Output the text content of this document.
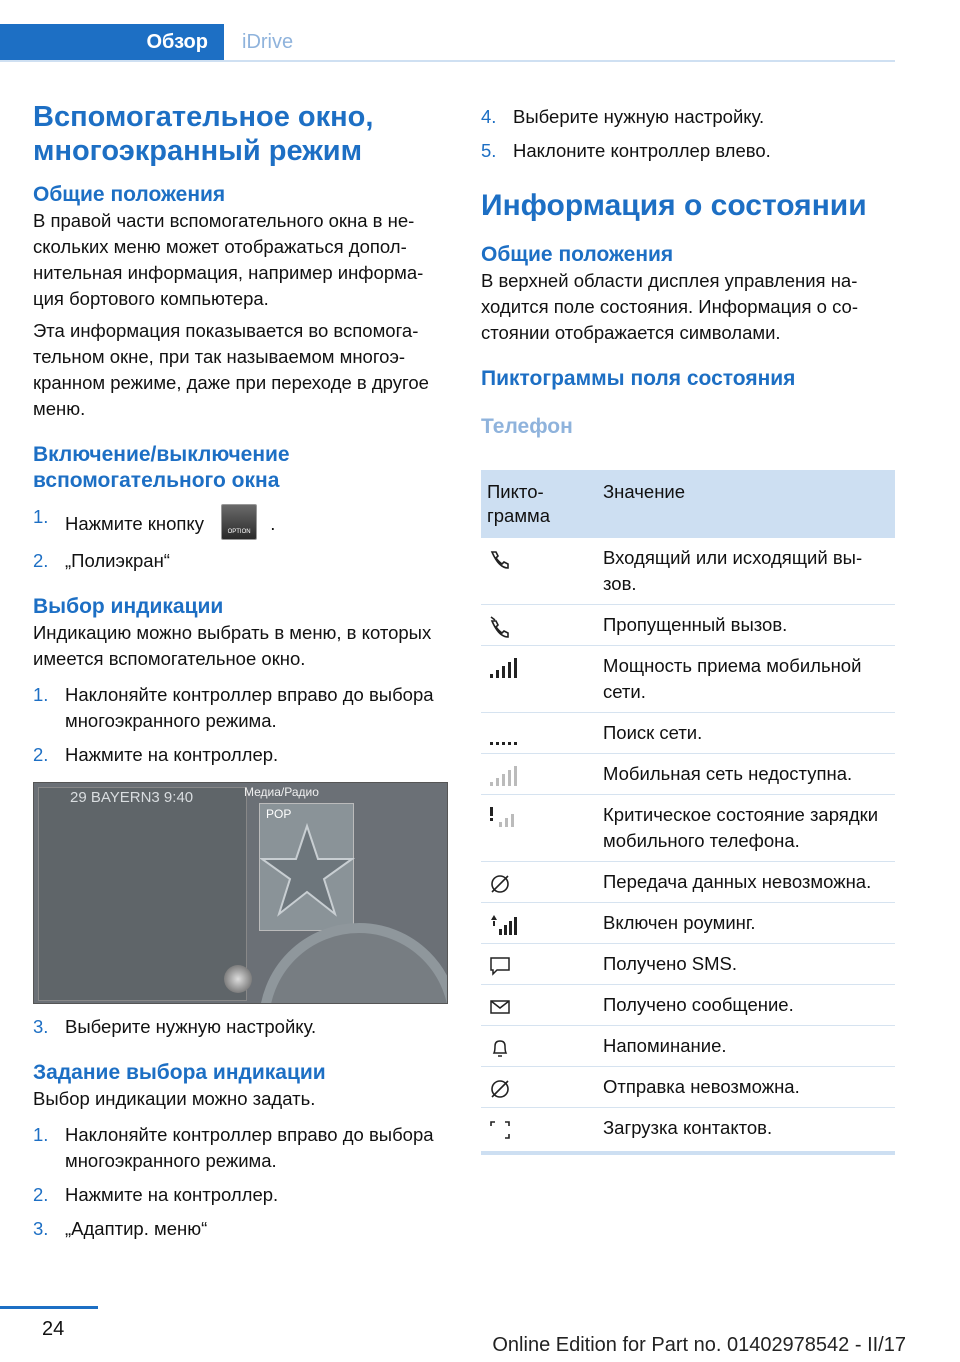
Обзор	iDrive
Вспомогательное окно, многоэкранный режим
Общие положения

В правой части вспомогательного окна в нескольких меню может отображаться дополнительная информация, например информация бортового компьютера.

Эта информация показывается во вспомогательном окне, при так называемом многоэкранном режиме, даже при переходе в другое меню.

Включение/выключение вспомогательного окна
1. Нажмите кнопку	OPTION .
2. „Полиэкран“
Выбор индикации

Индикацию можно выбрать в меню, в которых имеется вспомогательное окно.

1. Наклоняйте контроллер вправо до выбора многоэкранного режима.
2. Нажмите на контроллер.
29 BAYERN3 9:40	Медиа/Радио
POP
3. Выберите нужную настройку.
Задание выбора индикации

Выбор индикации можно задать.

1. Наклоняйте контроллер вправо до выбора многоэкранного режима.
2. Нажмите на контроллер.
3. „Адаптир. меню“
4. Выберите нужную настройку.
5. Наклоните контроллер влево.
Информация о состоянии
Общие положения

В верхней области дисплея управления находится поле состояния. Информация о состоянии отображается символами.

Пиктограммы поля состояния
Телефон
Пиктограмма	Значение

	Входящий или исходящий вызов.

	Пропущенный вызов.

	Мощность приема мобильной сети.

	Поиск сети.

	Мобильная сеть недоступна.

	Критическое состояние зарядки мобильного телефона.

	Передача данных невозможна.

	Включен роуминг.

	Получено SMS.

	Получено сообщение.

	Напоминание.

	Отправка невозможна.

	Загрузка контактов.
24
Online Edition for Part no. 01402978542 - II/17
